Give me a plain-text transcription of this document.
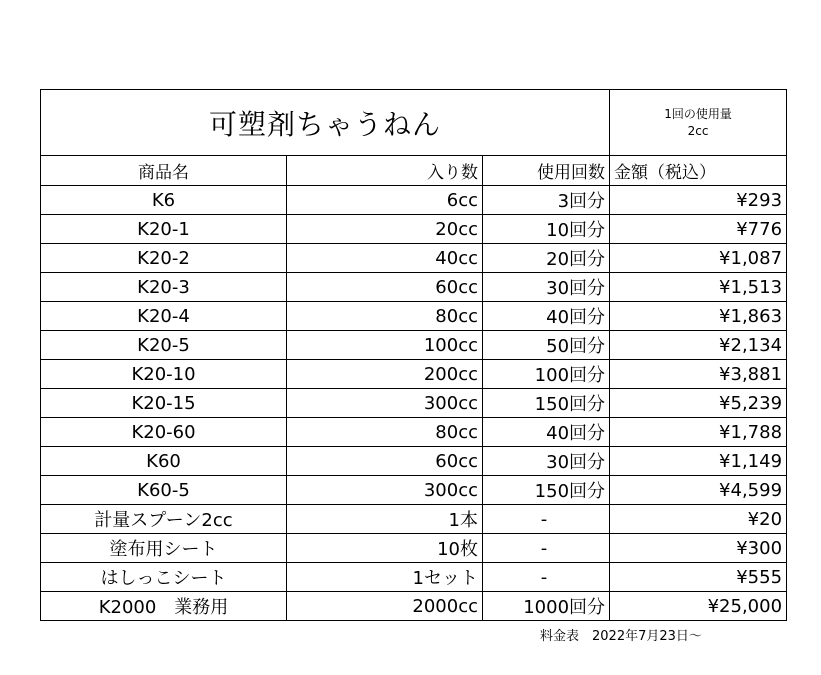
可塑剤ちゃうねん			1回の使用量
2cc

商品名	入り数	使用回数	金額（税込）
K6	6cc	3回分	¥293
K20-1	20cc	10回分	¥776
K20-2	40cc	20回分	¥1,087
K20-3	60cc	30回分	¥1,513
K20-4	80cc	40回分	¥1,863
K20-5	100cc	50回分	¥2,134
K20-10	200cc	100回分	¥3,881
K20-15	300cc	150回分	¥5,239
K20-60	80cc	40回分	¥1,788
K60	60cc	30回分	¥1,149
K60-5	300cc	150回分	¥4,599
計量スプーン2cc	1本	-	¥20
塗布用シート	10枚	-	¥300
はしっこシート	1セット	-	¥555
K2000　業務用	2000cc	1000回分	¥25,000
料金表　2022年7月23日～
